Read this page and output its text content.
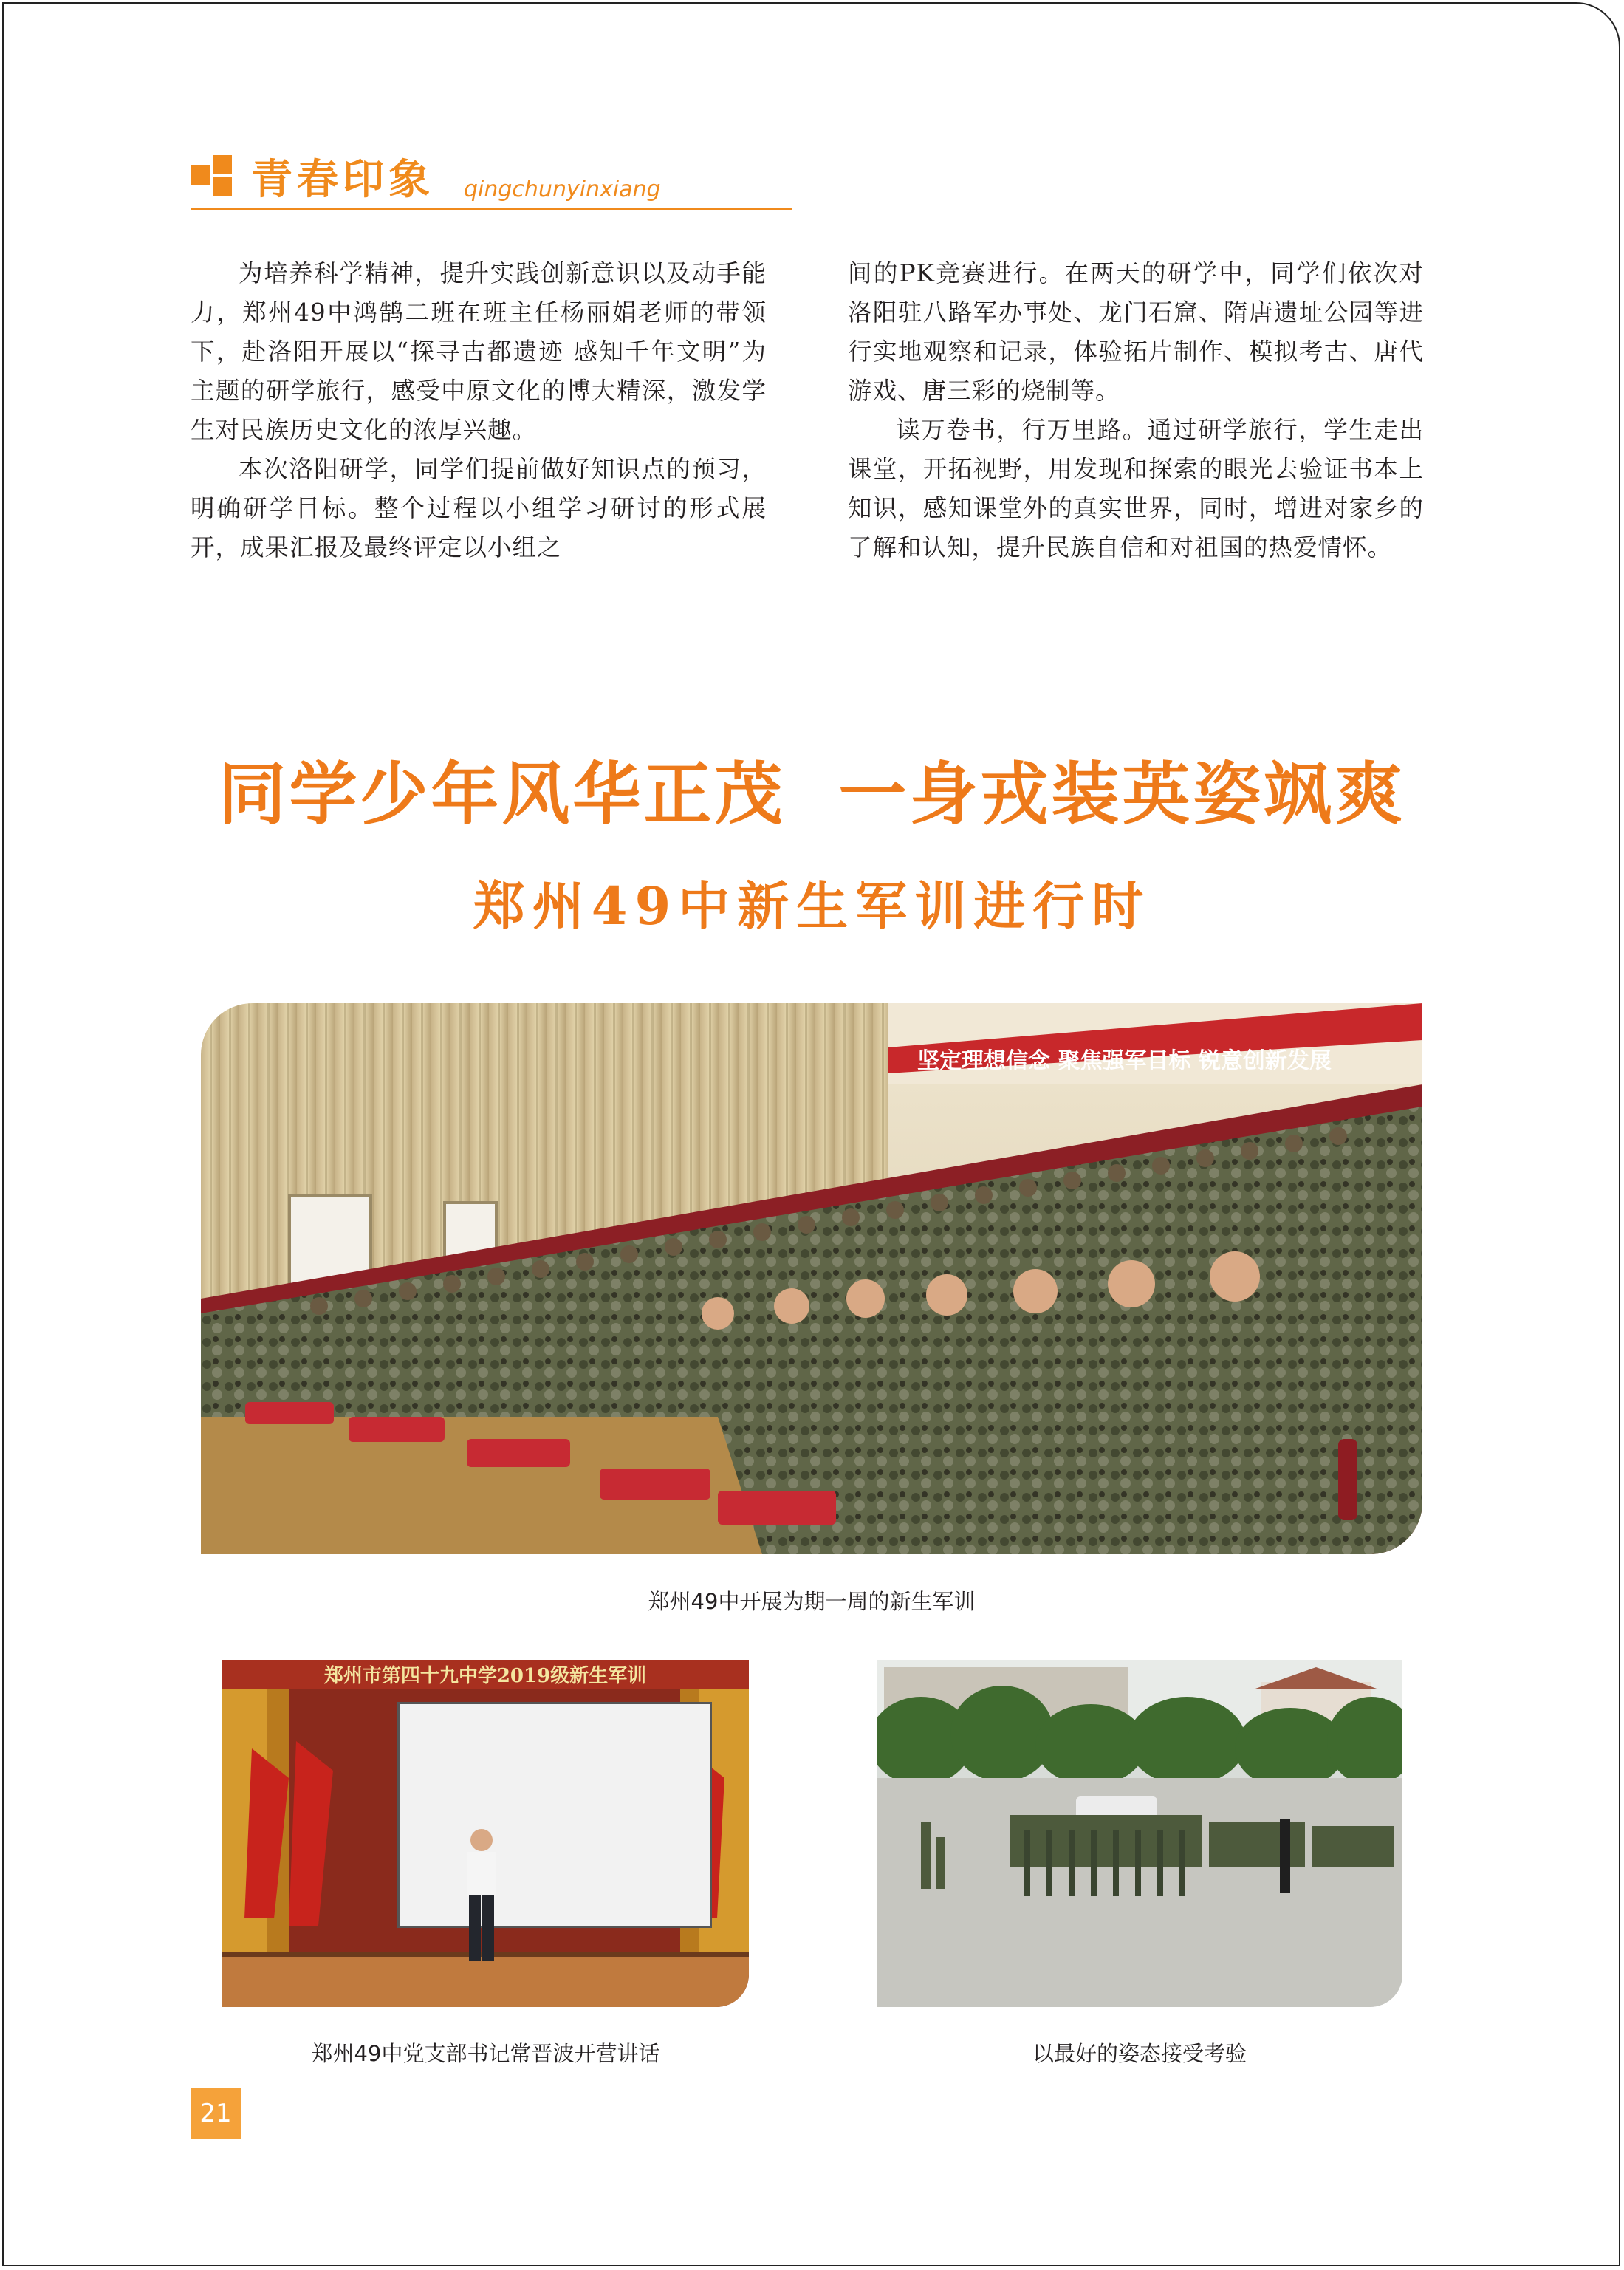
青春印象 qingchunyinxiang

为培养科学精神，提升实践创新意识以及动手能力，郑州49中鸿鹄二班在班主任杨丽娟老师的带领下，赴洛阳开展以“探寻古都遗迹 感知千年文明”为主题的研学旅行，感受中原文化的博大精深，激发学生对民族历史文化的浓厚兴趣。

本次洛阳研学，同学们提前做好知识点的预习，明确研学目标。整个过程以小组学习研讨的形式展开，成果汇报及最终评定以小组之

间的PK竞赛进行。在两天的研学中，同学们依次对洛阳驻八路军办事处、龙门石窟、隋唐遗址公园等进行实地观察和记录，体验拓片制作、模拟考古、唐代游戏、唐三彩的烧制等。

读万卷书，行万里路。通过研学旅行，学生走出课堂，开拓视野，用发现和探索的眼光去验证书本上知识，感知课堂外的真实世界，同时，增进对家乡的了解和认知，提升民族自信和对祖国的热爱情怀。

同学少年风华正茂  一身戎装英姿飒爽
郑州49中新生军训进行时
坚定理想信念 聚焦强军目标 锐意创新发展
郑州49中开展为期一周的新生军训
郑州市第四十九中学2019级新生军训
郑州49中党支部书记常晋波开营讲话	以最好的姿态接受考验
21
